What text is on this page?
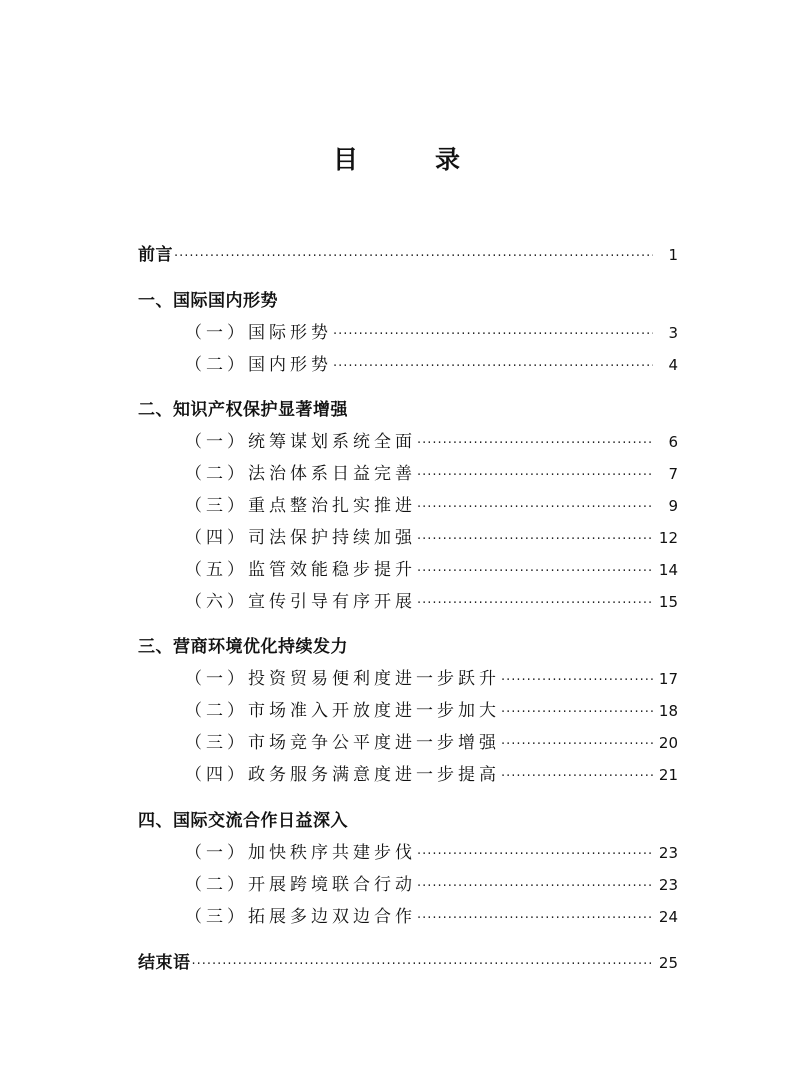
目　录
前言 ·····	1
一、国际国内形势
（一）国际形势 ·····	3
（二）国内形势 ·····	4
二、知识产权保护显著增强
（一）统筹谋划系统全面 ·····	6
（二）法治体系日益完善 ·····	7
（三）重点整治扎实推进 ·····	9
（四）司法保护持续加强 ·····	12
（五）监管效能稳步提升 ·····	14
（六）宣传引导有序开展 ·····	15
三、营商环境优化持续发力
（一）投资贸易便利度进一步跃升 ·····	17
（二）市场准入开放度进一步加大 ·····	18
（三）市场竞争公平度进一步增强 ·····	20
（四）政务服务满意度进一步提高 ·····	21
四、国际交流合作日益深入
（一）加快秩序共建步伐 ·····	23
（二）开展跨境联合行动 ·····	23
（三）拓展多边双边合作 ·····	24
结束语 ·····	25
